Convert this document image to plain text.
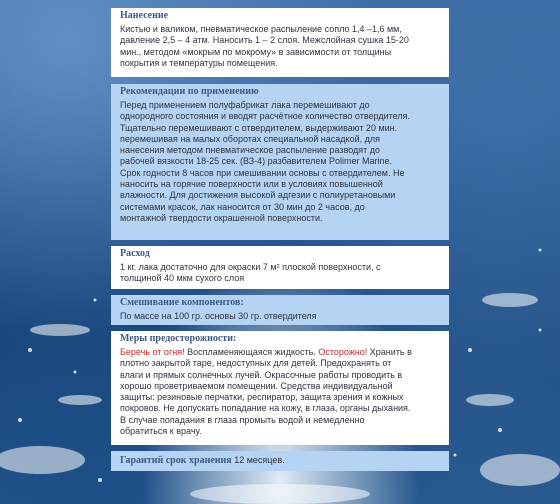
Нанесение
Кистью и валиком, пневматическое распыление сопло 1,4 –1,6 мм,
давление 2,5 – 4 атм. Наносить 1 – 2 слоя. Межслойная сушка 15-20
мин., методом «мокрым по мокрому» в зависимости от толщины
покрытия и температуры помещения.
Рекомендации по применению
Перед применением полуфабрикат лака перемешивают до
однородного состояния и вводят расчётное количество отвердителя.
Тщательно перемешивают с отвердителем, выдерживают 20 мин.
перемешивая на малых оборотах специальной насадкой, для
нанесения методом пневматическое распыление разводят до
рабочей вязкости 18-25 сек. (ВЗ-4) разбавителем Polimer Marine.
Срок годности 8 часов при смешивании основы с отвердителем. Не
наносить на горячие поверхности или в условиях повышенной
влажности. Для достижения высокой адгезии с полиуретановыми
системами красок, лак наносится от 30 мин до 2 часов, до
монтажной твердости окрашенной поверхности.
Расход
1 кг. лака достаточно для окраски 7 м² плоской поверхности, с
толщиной 40 мкм сухого слоя
Смешивание компонентов:
По массе на 100 гр. основы 30 гр. отвердителя
Меры предосторожности:
Беречь от огня! Воспламеняющаяся жидкость. Осторожно! Хранить в
плотно закрытой таре, недоступных для детей. Предохранять от
влаги и прямых солнечных лучей. Окрасочные работы проводить в
хорошо проветриваемом помещении. Средства индивидуальной
защиты: резиновые перчатки, респиратор, защита зрения и кожных
покровов. Не допускать попадание на кожу, в глаза, органы дыхания.
В случае попадания в глаза промыть водой и немедленно
обратиться к врачу.
Гарантий срок хранения 12 месяцев.
